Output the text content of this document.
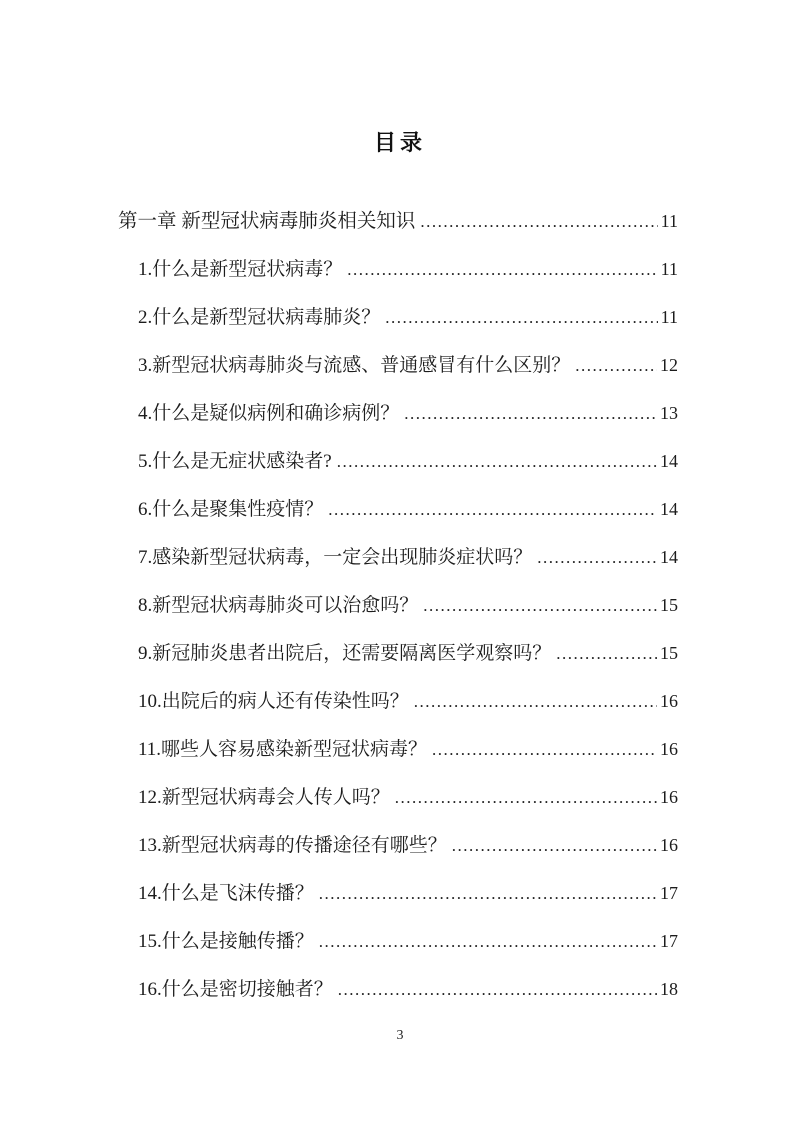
目录
第一章 新型冠状病毒肺炎相关知识 .....	11
1.什么是新型冠状病毒？ .....	11
2.什么是新型冠状病毒肺炎？ .....	11
3.新型冠状病毒肺炎与流感、普通感冒有什么区别？ .....	12
4.什么是疑似病例和确诊病例？ .....	13
5.什么是无症状感染者? .....	14
6.什么是聚集性疫情？ .....	14
7.感染新型冠状病毒，一定会出现肺炎症状吗？ .....	14
8.新型冠状病毒肺炎可以治愈吗？ .....	15
9.新冠肺炎患者出院后，还需要隔离医学观察吗？ .....	15
10.出院后的病人还有传染性吗？ .....	16
11.哪些人容易感染新型冠状病毒？ .....	16
12.新型冠状病毒会人传人吗？ .....	16
13.新型冠状病毒的传播途径有哪些？ .....	16
14.什么是飞沫传播？ .....	17
15.什么是接触传播？ .....	17
16.什么是密切接触者？ .....	18
3
